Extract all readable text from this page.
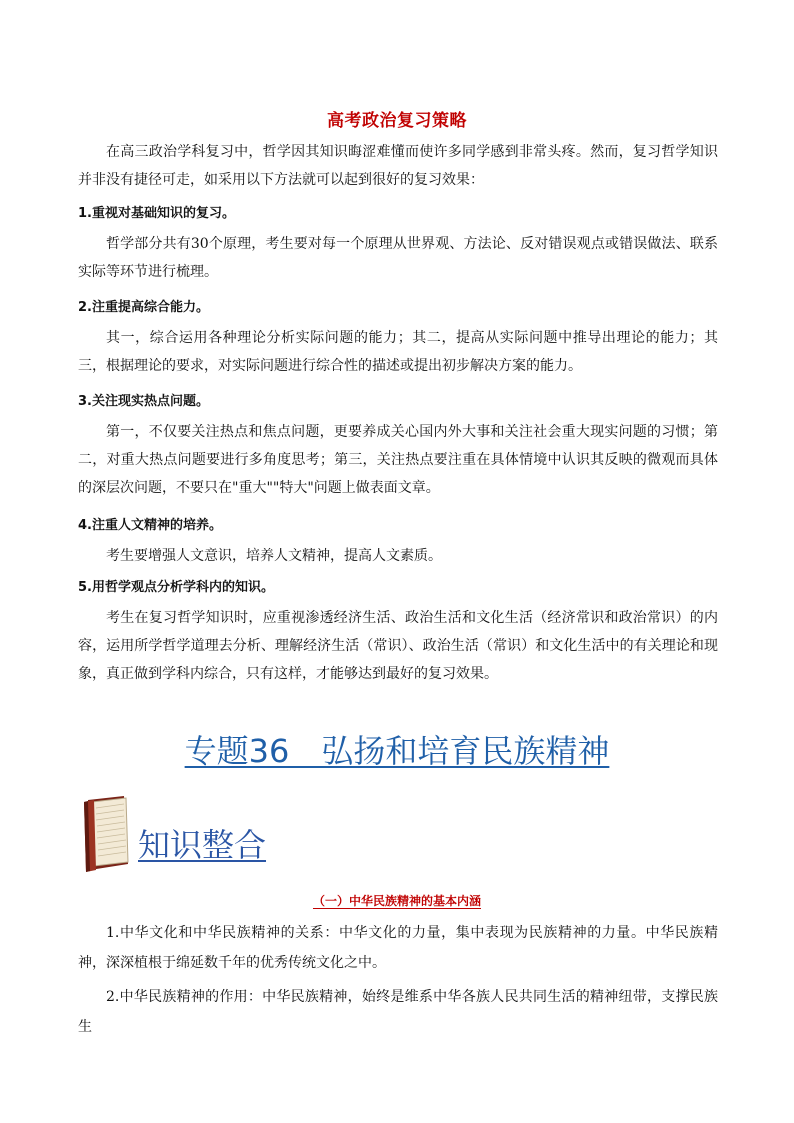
高考政治复习策略
在高三政治学科复习中，哲学因其知识晦涩难懂而使许多同学感到非常头疼。然而，复习哲学知识并非没有捷径可走，如采用以下方法就可以起到很好的复习效果：
1.重视对基础知识的复习。
哲学部分共有30个原理，考生要对每一个原理从世界观、方法论、反对错误观点或错误做法、联系实际等环节进行梳理。
2.注重提高综合能力。
其一，综合运用各种理论分析实际问题的能力；其二，提高从实际问题中推导出理论的能力；其三，根据理论的要求，对实际问题进行综合性的描述或提出初步解决方案的能力。
3.关注现实热点问题。
第一，不仅要关注热点和焦点问题，更要养成关心国内外大事和关注社会重大现实问题的习惯；第二，对重大热点问题要进行多角度思考；第三，关注热点要注重在具体情境中认识其反映的微观而具体的深层次问题，不要只在"重大""特大"问题上做表面文章。
4.注重人文精神的培养。
考生要增强人文意识，培养人文精神，提高人文素质。
5.用哲学观点分析学科内的知识。
考生在复习哲学知识时，应重视渗透经济生活、政治生活和文化生活（经济常识和政治常识）的内容，运用所学哲学道理去分析、理解经济生活（常识）、政治生活（常识）和文化生活中的有关理论和现象，真正做到学科内综合，只有这样，才能够达到最好的复习效果。
专题36　弘扬和培育民族精神
知识整合
（一）中华民族精神的基本内涵
1.中华文化和中华民族精神的关系：中华文化的力量，集中表现为民族精神的力量。中华民族精神，深深植根于绵延数千年的优秀传统文化之中。
2.中华民族精神的作用：中华民族精神，始终是维系中华各族人民共同生活的精神纽带，支撑民族生
